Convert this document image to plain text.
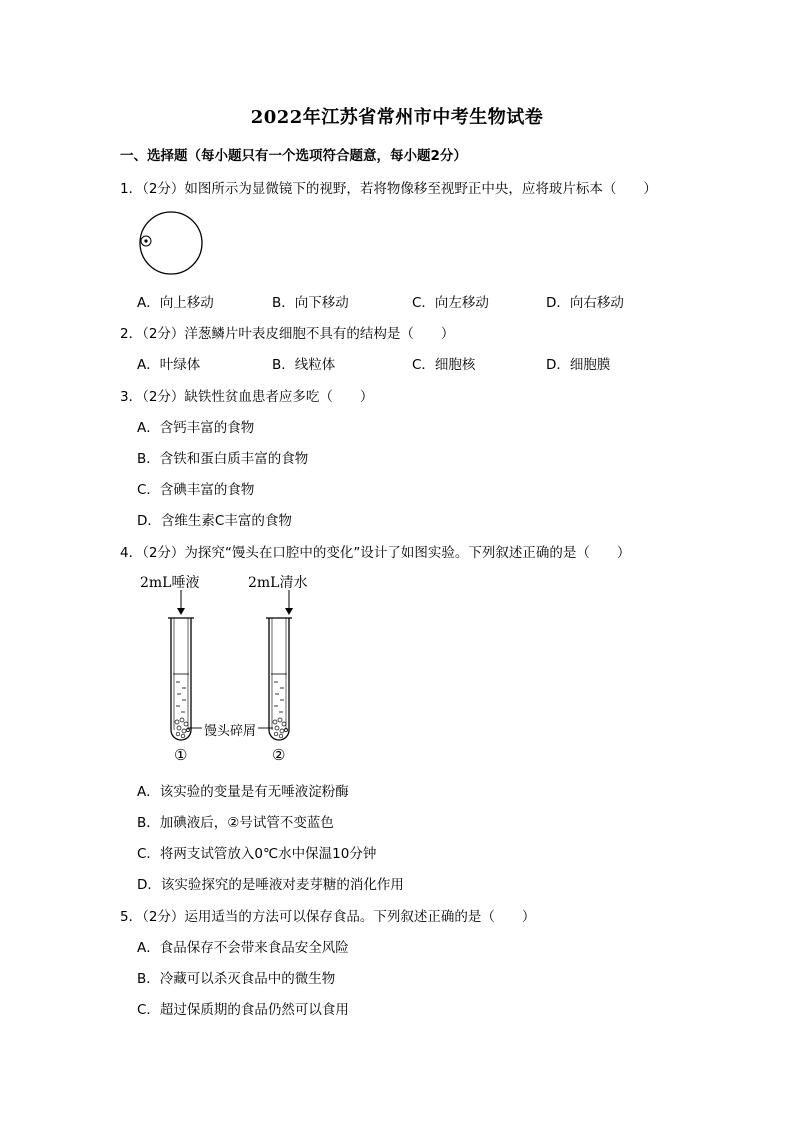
2022年江苏省常州市中考生物试卷
一、选择题（每小题只有一个选项符合题意，每小题2分）
1．（2分）如图所示为显微镜下的视野，若将物像移至视野正中央，应将玻片标本（　　）
A．向上移动	B．向下移动	C．向左移动	D．向右移动
2．（2分）洋葱鳞片叶表皮细胞不具有的结构是（　　）
A．叶绿体	B．线粒体	C．细胞核	D．细胞膜
3．（2分）缺铁性贫血患者应多吃（　　）
A．含钙丰富的食物
B．含铁和蛋白质丰富的食物
C．含碘丰富的食物
D．含维生素C丰富的食物
4．（2分）为探究“馒头在口腔中的变化”设计了如图实验。下列叙述正确的是（　　）
2mL唾液	2mL清水
馒头碎屑
①	②
A．该实验的变量是有无唾液淀粉酶
B．加碘液后，②号试管不变蓝色
C．将两支试管放入0℃水中保温10分钟
D．该实验探究的是唾液对麦芽糖的消化作用
5．（2分）运用适当的方法可以保存食品。下列叙述正确的是（　　）
A．食品保存不会带来食品安全风险
B．冷藏可以杀灭食品中的微生物
C．超过保质期的食品仍然可以食用
